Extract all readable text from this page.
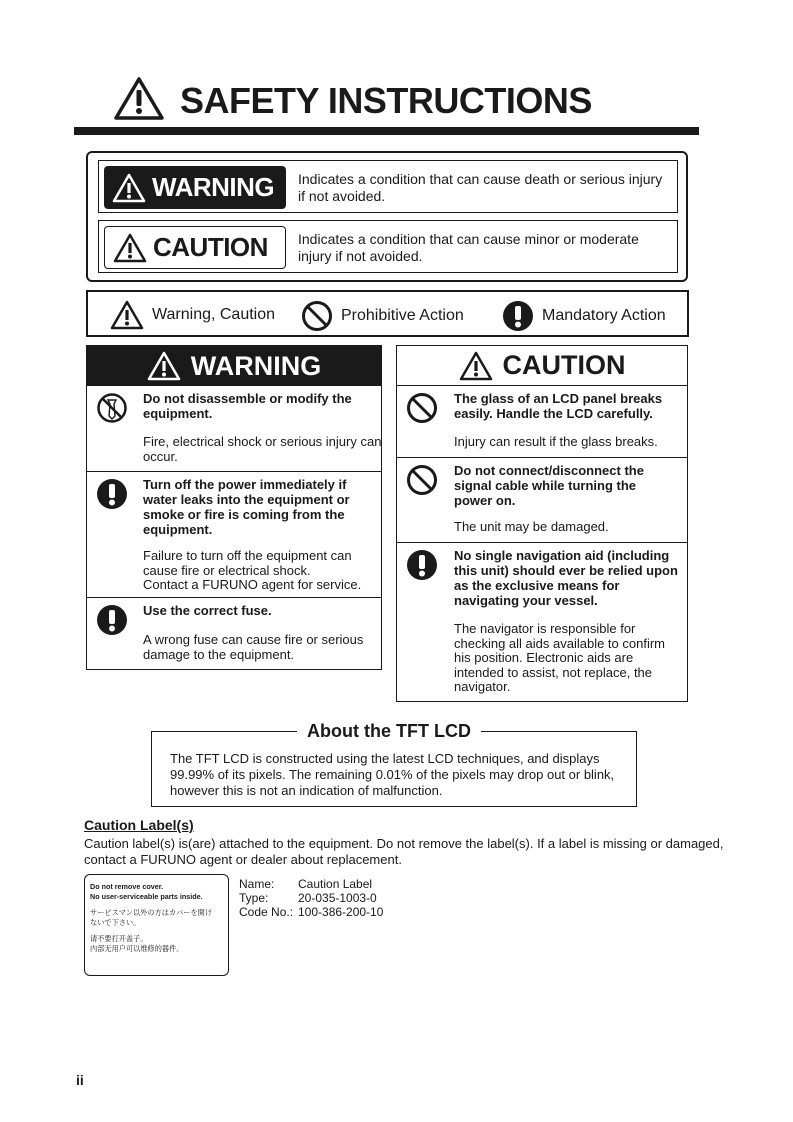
SAFETY INSTRUCTIONS
WARNING Indicates a condition that can cause death or serious injury if not avoided.
CAUTION Indicates a condition that can cause minor or moderate injury if not avoided.
Warning, Caution	Prohibitive Action	Mandatory Action
WARNING
Do not disassemble or modify the equipment.
Fire, electrical shock or serious injury can occur.
Turn off the power immediately if water leaks into the equipment or smoke or fire is coming from the equipment.
Failure to turn off the equipment can cause fire or electrical shock.
Contact a FURUNO agent for service.
Use the correct fuse.
A wrong fuse can cause fire or serious damage to the equipment.
CAUTION
The glass of an LCD panel breaks easily. Handle the LCD carefully.
Injury can result if the glass breaks.
Do not connect/disconnect the signal cable while turning the power on.
The unit may be damaged.
No single navigation aid (including this unit) should ever be relied upon as the exclusive means for navigating your vessel.
The navigator is responsible for checking all aids available to confirm his position. Electronic aids are intended to assist, not replace, the navigator.
About the TFT LCD
The TFT LCD is constructed using the latest LCD techniques, and displays 99.99% of its pixels. The remaining 0.01% of the pixels may drop out or blink, however this is not an indication of malfunction.
Caution Label(s)
Caution label(s) is(are) attached to the equipment. Do not remove the label(s). If a label is missing or damaged, contact a FURUNO agent or dealer about replacement.
Do not remove cover.
No user-serviceable parts inside.
サービスマン以外の方はカバーを開け
ないで下さい。
请不要打开盖子。
内部无用户可以维修的器件。
Name: Caution Label
Type: 20-035-1003-0
Code No.: 100-386-200-10
ii
